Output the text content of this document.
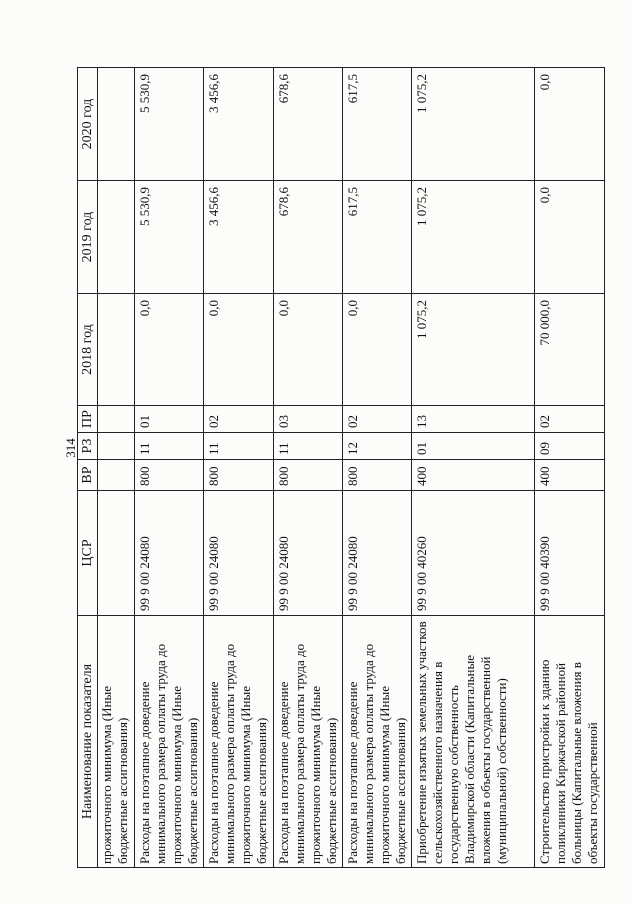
314
Наименование показателя	ЦСР	ВР	РЗ	ПР	2018 год	2019 год	2020 год
прожиточного минимума (Иные бюджетные ассигнования)							
Расходы на поэтапное доведение минимального размера оплаты труда до прожиточного минимума (Иные бюджетные ассигнования)	99 9 00 24080	800	11	01	0,0	5 530,9	5 530,9
Расходы на поэтапное доведение минимального размера оплаты труда до прожиточного минимума (Иные бюджетные ассигнования)	99 9 00 24080	800	11	02	0,0	3 456,6	3 456,6
Расходы на поэтапное доведение минимального размера оплаты труда до прожиточного минимума (Иные бюджетные ассигнования)	99 9 00 24080	800	11	03	0,0	678,6	678,6
Расходы на поэтапное доведение минимального размера оплаты труда до прожиточного минимума (Иные бюджетные ассигнования)	99 9 00 24080	800	12	02	0,0	617,5	617,5
Приобретение изъятых земельных участков сельскохозяйственного назначения в государственную собственность Владимирской области (Капитальные вложения в объекты государственной (муниципальной) собственности)	99 9 00 40260	400	01	13	1 075,2	1 075,2	1 075,2
Строительство пристройки к зданию поликлиники Киржачской районной больницы (Капитальные вложения в объекты государственной	99 9 00 40390	400	09	02	70 000,0	0,0	0,0
